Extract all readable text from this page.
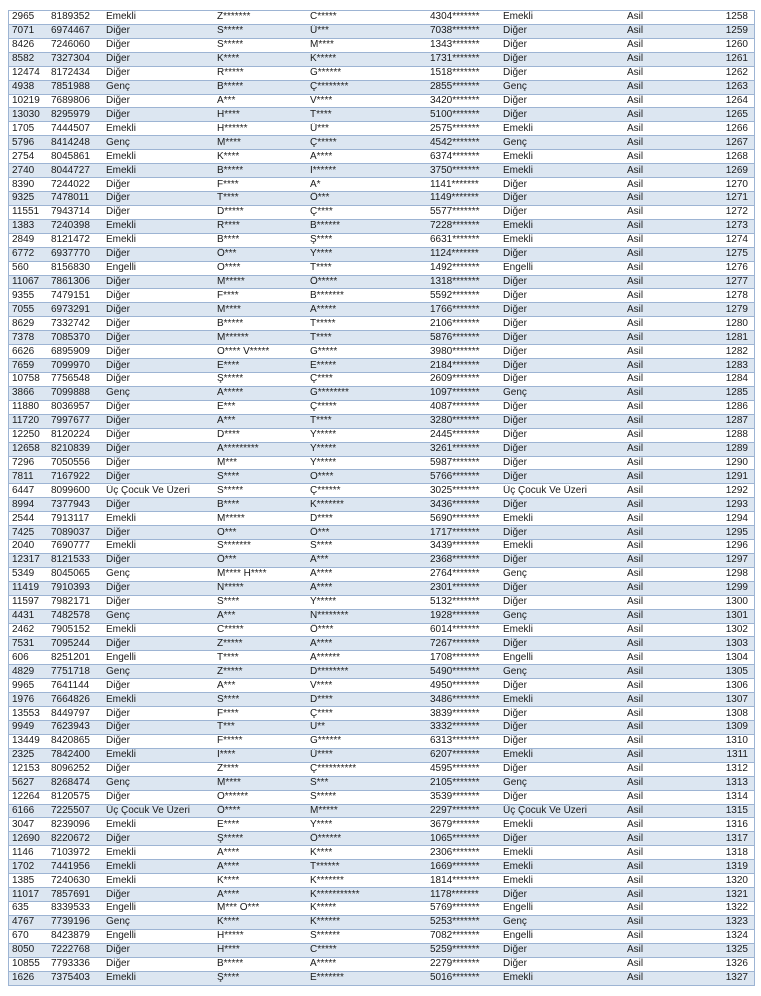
2965	8189352	Emekli	Z*******	C*****	4304*******	Emekli	Asil	1258
7071	6974467	Diğer	S*****	Ü***	7038*******	Diğer	Asil	1259
8426	7246060	Diğer	S*****	M****	1343*******	Diğer	Asil	1260
8582	7327304	Diğer	K****	K*****	1731*******	Diğer	Asil	1261
12474	8172434	Diğer	R*****	G******	1518*******	Diğer	Asil	1262
4938	7851988	Genç	B*****	Ç********	2855*******	Genç	Asil	1263
10219	7689806	Diğer	A***	V****	3420*******	Diğer	Asil	1264
13030	8295979	Diğer	H****	T****	5100*******	Diğer	Asil	1265
1705	7444507	Emekli	H******	Ü***	2575*******	Emekli	Asil	1266
5796	8414248	Genç	M****	Ç*****	4542*******	Genç	Asil	1267
2754	8045861	Emekli	K****	A****	6374*******	Emekli	Asil	1268
2740	8044727	Emekli	B*****	İ******	3750*******	Emekli	Asil	1269
8390	7244022	Diğer	F****	A*	1141*******	Diğer	Asil	1270
9325	7478011	Diğer	T****	Ö***	1149*******	Diğer	Asil	1271
11551	7943714	Diğer	D*****	Ç****	5577*******	Diğer	Asil	1272
1383	7240398	Emekli	R****	B******	7228*******	Emekli	Asil	1273
2849	8121472	Emekli	B****	Ş****	6631*******	Emekli	Asil	1274
6772	6937770	Diğer	Ö***	Y****	1124*******	Diğer	Asil	1275
560	8156830	Engelli	O****	T****	1492*******	Engelli	Asil	1276
11067	7861306	Diğer	M*****	Ö*****	1318*******	Diğer	Asil	1277
9355	7479151	Diğer	F****	B*******	5592*******	Diğer	Asil	1278
7055	6973291	Diğer	M****	A*****	1766*******	Diğer	Asil	1279
8629	7332742	Diğer	B*****	T*****	2106*******	Diğer	Asil	1280
7378	7085370	Diğer	M******	T****	5876*******	Diğer	Asil	1281
6626	6895909	Diğer	O**** V*****	G*****	3980*******	Diğer	Asil	1282
7659	7099970	Diğer	E****	E*****	2184*******	Diğer	Asil	1283
10758	7756548	Diğer	Ş*****	Ç****	2609*******	Diğer	Asil	1284
3866	7099888	Genç	A*****	G********	1097*******	Genç	Asil	1285
11880	8036957	Diğer	E***	Ç*****	4087*******	Diğer	Asil	1286
11720	7997677	Diğer	A***	T****	3280*******	Diğer	Asil	1287
12250	8120224	Diğer	D****	Y*****	2445*******	Diğer	Asil	1288
12658	8210839	Diğer	A*********	Y*****	3261*******	Diğer	Asil	1289
7296	7050556	Diğer	M***	Y*****	5987*******	Diğer	Asil	1290
7811	7167922	Diğer	S****	O****	5766*******	Diğer	Asil	1291
6447	8099600	Üç Çocuk Ve Üzeri	S*****	Ç******	3025*******	Üç Çocuk Ve Üzeri	Asil	1292
8994	7377943	Diğer	B****	K*******	3436*******	Diğer	Asil	1293
2544	7913117	Emekli	M*****	D****	5690*******	Emekli	Asil	1294
7425	7089037	Diğer	O***	Ö***	1717*******	Diğer	Asil	1295
2040	7690777	Emekli	S*******	S****	3439*******	Emekli	Asil	1296
12317	8121533	Diğer	Ö***	A***	2368*******	Diğer	Asil	1297
5349	8045065	Genç	M**** H****	A****	2764*******	Genç	Asil	1298
11419	7910393	Diğer	N*****	A****	2301*******	Diğer	Asil	1299
11597	7982171	Diğer	S****	Y*****	5132*******	Diğer	Asil	1300
4431	7482578	Genç	A***	N********	1928*******	Genç	Asil	1301
2462	7905152	Emekli	C*****	Ö****	6014*******	Emekli	Asil	1302
7531	7095244	Diğer	Z*****	A****	7267*******	Diğer	Asil	1303
606	8251201	Engelli	T****	A******	1708*******	Engelli	Asil	1304
4829	7751718	Genç	Z*****	D********	5490*******	Genç	Asil	1305
9965	7641144	Diğer	A***	V****	4950*******	Diğer	Asil	1306
1976	7664826	Emekli	S****	D****	3486*******	Emekli	Asil	1307
13553	8449797	Diğer	F****	Ç****	3839*******	Diğer	Asil	1308
9949	7623943	Diğer	T***	U**	3332*******	Diğer	Asil	1309
13449	8420865	Diğer	F*****	G******	6313*******	Diğer	Asil	1310
2325	7842400	Emekli	İ****	Ü****	6207*******	Emekli	Asil	1311
12153	8096252	Diğer	Z****	Ç**********	4595*******	Diğer	Asil	1312
5627	8268474	Genç	M****	S***	2105*******	Genç	Asil	1313
12264	8120575	Diğer	O******	S*****	3539*******	Diğer	Asil	1314
6166	7225507	Üç Çocuk Ve Üzeri	Ö****	M*****	2297*******	Üç Çocuk Ve Üzeri	Asil	1315
3047	8239096	Emekli	E****	Y****	3679*******	Emekli	Asil	1316
12690	8220672	Diğer	Ş*****	Ö******	1065*******	Diğer	Asil	1317
1146	7103972	Emekli	A****	K****	2306*******	Emekli	Asil	1318
1702	7441956	Emekli	A****	T******	1669*******	Emekli	Asil	1319
1385	7240630	Emekli	K****	K*******	1814*******	Emekli	Asil	1320
11017	7857691	Diğer	A****	K***********	1178*******	Diğer	Asil	1321
635	8339533	Engelli	M*** O***	K*****	5769*******	Engelli	Asil	1322
4767	7739196	Genç	K****	K******	5253*******	Genç	Asil	1323
670	8423879	Engelli	H*****	S******	7082*******	Engelli	Asil	1324
8050	7222768	Diğer	H****	C*****	5259*******	Diğer	Asil	1325
10855	7793336	Diğer	B*****	A*****	2279*******	Diğer	Asil	1326
1626	7375403	Emekli	Ş****	E*******	5016*******	Emekli	Asil	1327
